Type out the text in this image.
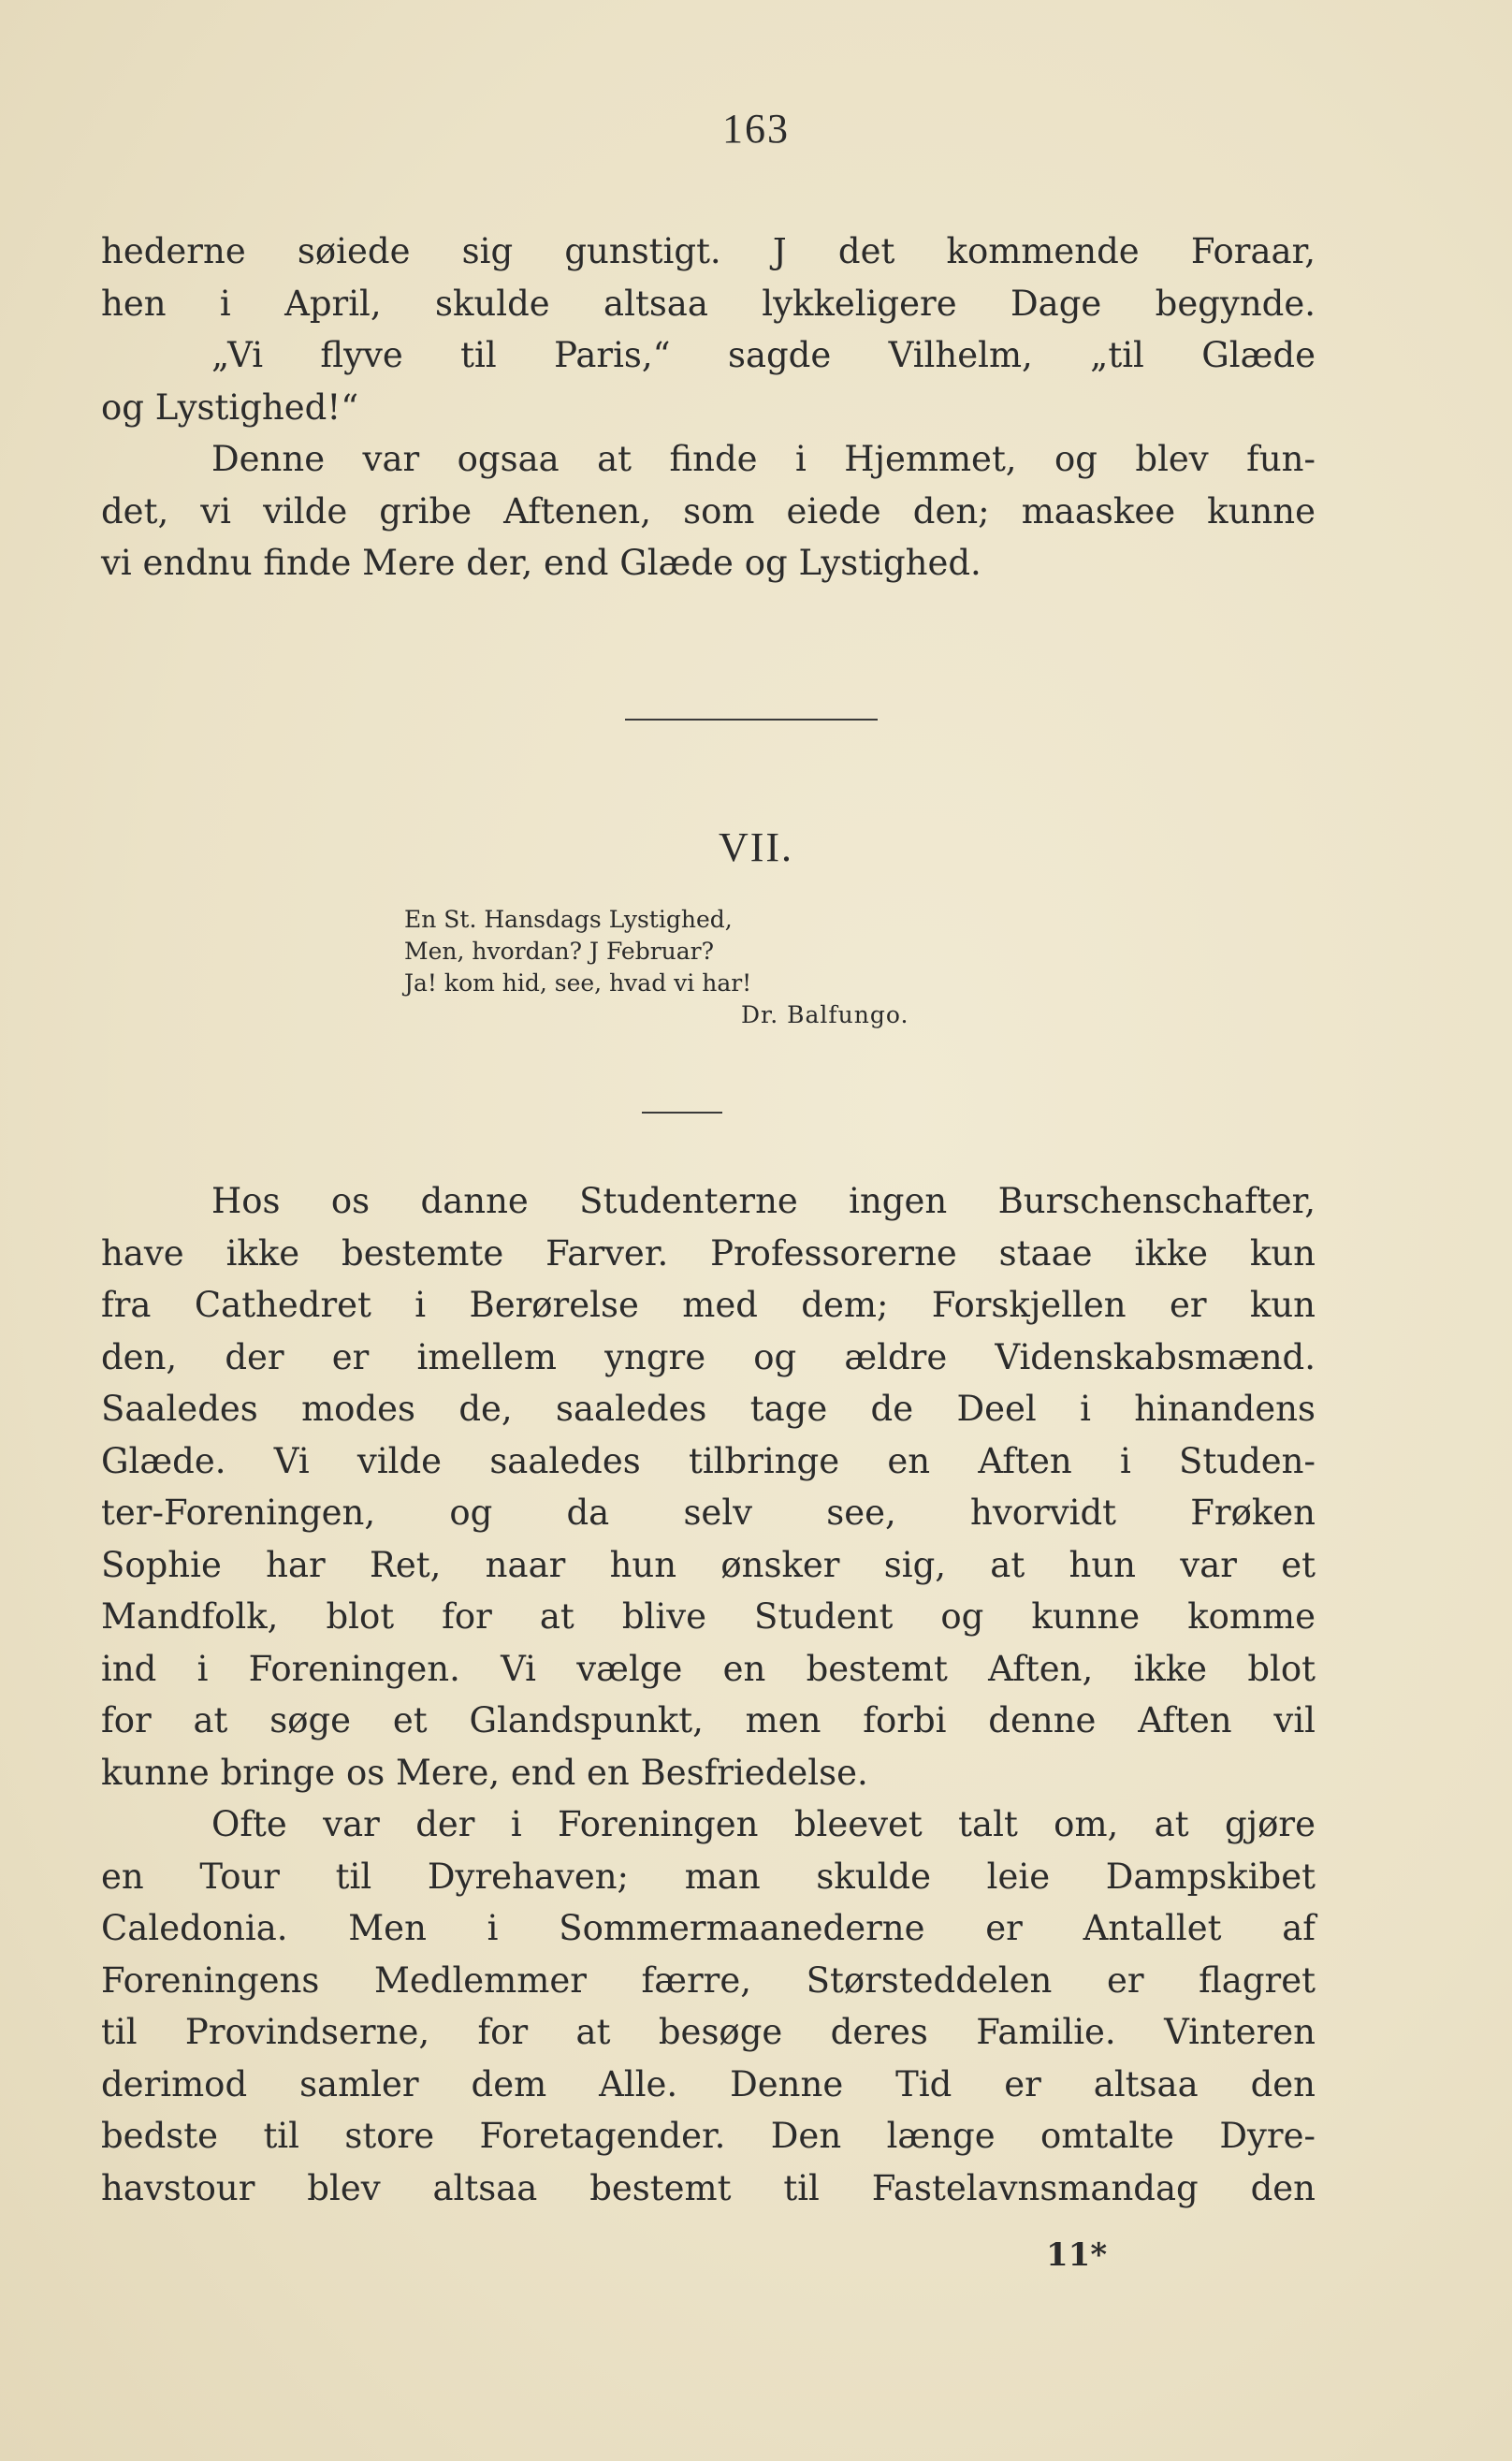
163
hederne søiede sig gunstigt. J det kommende Foraar,
hen i April, skulde altsaa lykkeligere Dage begynde.
„Vi flyve til Paris,“ sagde Vilhelm, „til Glæde
og Lystighed!“
Denne var ogsaa at finde i Hjemmet, og blev fun-
det, vi vilde gribe Aftenen, som eiede den; maaskee kunne
vi endnu finde Mere der, end Glæde og Lystighed.
VII.
En St. Hansdags Lystighed,
Men, hvordan? J Februar?
Ja! kom hid, see, hvad vi har!
Dr. Balfungo.
Hos os danne Studenterne ingen Burschenschafter,
have ikke bestemte Farver. Professorerne staae ikke kun
fra Cathedret i Berørelse med dem; Forskjellen er kun
den, der er imellem yngre og ældre Videnskabsmænd.
Saaledes modes de, saaledes tage de Deel i hinandens
Glæde. Vi vilde saaledes tilbringe en Aften i Studen-
ter-Foreningen, og da selv see, hvorvidt Frøken
Sophie har Ret, naar hun ønsker sig, at hun var et
Mandfolk, blot for at blive Student og kunne komme
ind i Foreningen. Vi vælge en bestemt Aften, ikke blot
for at søge et Glandspunkt, men forbi denne Aften vil
kunne bringe os Mere, end en Besfriedelse.
Ofte var der i Foreningen bleevet talt om, at gjøre
en Tour til Dyrehaven; man skulde leie Dampskibet
Caledonia. Men i Sommermaanederne er Antallet af
Foreningens Medlemmer færre, Størsteddelen er flagret
til Provindserne, for at besøge deres Familie. Vinteren
derimod samler dem Alle. Denne Tid er altsaa den
bedste til store Foretagender. Den længe omtalte Dyre-
havstour blev altsaa bestemt til Fastelavnsmandag den
11*
